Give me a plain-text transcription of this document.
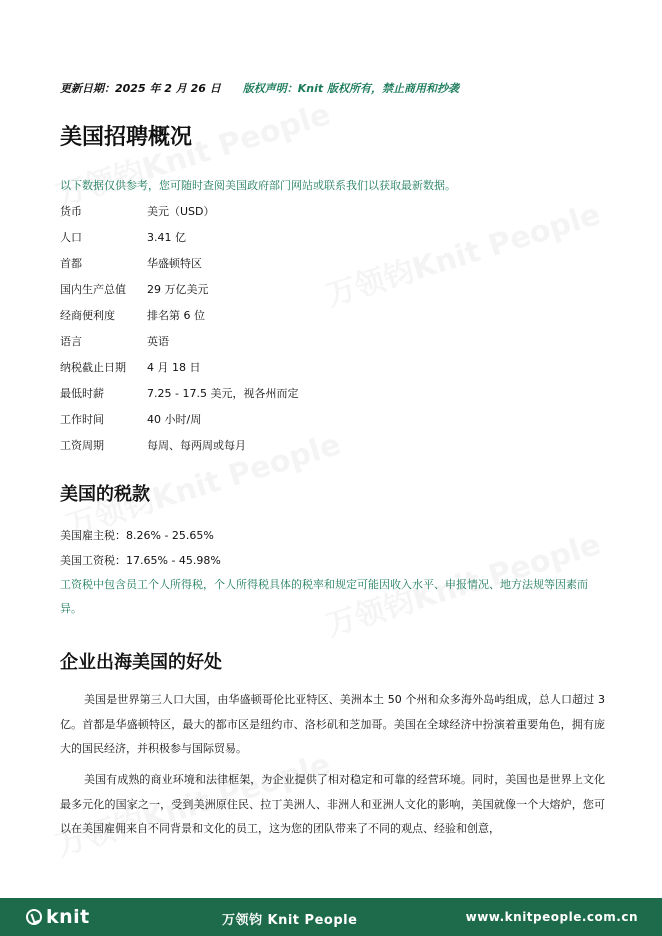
更新日期：2025 年 2 月 26 日 版权声明：Knit 版权所有，禁止商用和抄袭
美国招聘概况
以下数据仅供参考，您可随时查阅美国政府部门网站或联系我们以获取最新数据。
货币	美元（USD）
人口	3.41 亿
首都	华盛顿特区
国内生产总值 29 万亿美元
经商便利度	排名第 6 位
语言	英语
纳税截止日期 4 月 18 日
最低时薪	7.25 - 17.5 美元，视各州而定
工作时间	40 小时/周
工资周期	每周、每两周或每月
美国的税款
美国雇主税：8.26% - 25.65%
美国工资税：17.65% - 45.98%
工资税中包含员工个人所得税，个人所得税具体的税率和规定可能因收入水平、申报情况、地方法规等因素而异。
企业出海美国的好处

美国是世界第三人口大国，由华盛顿哥伦比亚特区、美洲本土 50 个州和众多海外岛屿组成，总人口超过 3 亿。首都是华盛顿特区，最大的都市区是纽约市、洛杉矶和芝加哥。美国在全球经济中扮演着重要角色，拥有庞大的国民经济，并积极参与国际贸易。

美国有成熟的商业环境和法律框架，为企业提供了相对稳定和可靠的经营环境。同时，美国也是世界上文化最多元化的国家之一，受到美洲原住民、拉丁美洲人、非洲人和亚洲人文化的影响，美国就像一个大熔炉，您可以在美国雇佣来自不同背景和文化的员工，这为您的团队带来了不同的观点、经验和创意，

knit	万领钧 Knit People	www.knitpeople.com.cn
